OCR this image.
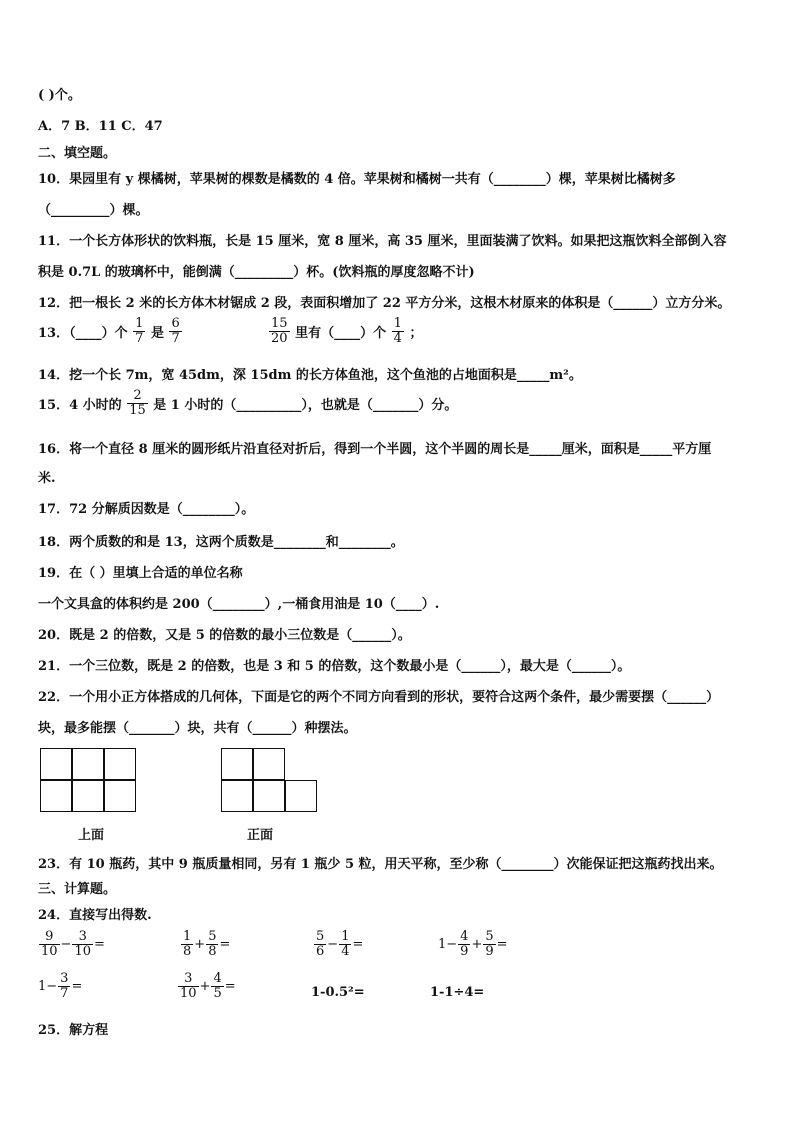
( )个。
A．7 B．11 C．47
二、填空题。
10．果园里有 y 棵橘树，苹果树的棵数是橘数的 4 倍。苹果树和橘树一共有（________）棵，苹果树比橘树多
（_________）棵。
11．一个长方体形状的饮料瓶，长是 15 厘米，宽 8 厘米，高 35 厘米，里面装满了饮料。如果把这瓶饮料全部倒入容
积是 0.7L 的玻璃杯中，能倒满（_________）杯。(饮料瓶的厚度忽略不计)
12．把一根长 2 米的长方体木材锯成 2 段，表面积增加了 22 平方分米，这根木材原来的体积是（______）立方分米。
13．（____）个 $\frac{1}{7}$ 是 $\frac{6}{7}$	$\frac{15}{20}$ 里有（____）个 $\frac{1}{4}$ ；
14．挖一个长 7m，宽 45dm，深 15dm 的长方体鱼池，这个鱼池的占地面积是_____m²。
15．4 小时的 $\frac{2}{15}$ 是 1 小时的（__________），也就是（_______）分。
16．将一个直径 8 厘米的圆形纸片沿直径对折后，得到一个半圆，这个半圆的周长是_____厘米，面积是_____平方厘
米.
17．72 分解质因数是（________）。
18．两个质数的和是 13，这两个质数是________和________。
19．在（ ）里填上合适的单位名称
一个文具盒的体积约是 200（________）,一桶食用油是 10（____）.
20．既是 2 的倍数，又是 5 的倍数的最小三位数是（______）。
21．一个三位数，既是 2 的倍数，也是 3 和 5 的倍数，这个数最小是（______），最大是（______）。
22．一个用小正方体搭成的几何体，下面是它的两个不同方向看到的形状，要符合这两个条件，最少需要摆（______）
块，最多能摆（_______）块，共有（______）种摆法。
上面	正面
23．有 10 瓶药，其中 9 瓶质量相同，另有 1 瓶少 5 粒，用天平称，至少称（________）次能保证把这瓶药找出来。
三、计算题。
24．直接写出得数.
$\frac{9}{10} - \frac{3}{10}$ =	$\frac{1}{8} + \frac{5}{8}$ =	$\frac{5}{6} - \frac{1}{4}$ =	$1- \frac{4}{9} + \frac{5}{9}$ =
$1- \frac{3}{7}$ =	$\frac{3}{10} + \frac{4}{5}$ =	1-0.5²=	1-1÷4=
25．解方程
